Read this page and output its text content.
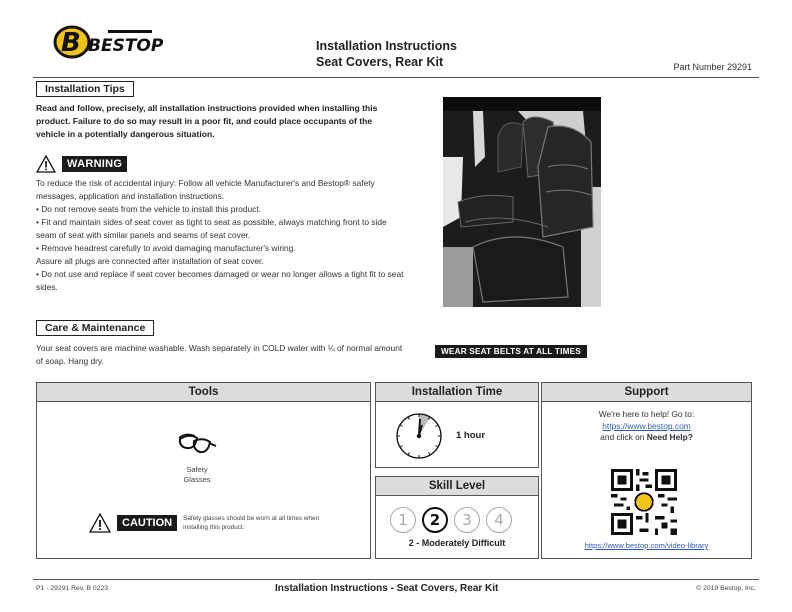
B BESTOP	Installation Instructions
Seat Covers, Rear Kit	Part Number 29291
Installation Tips
Read and follow, precisely, all installation instructions provided when installing this product. Failure to do so may result in a poor fit, and could place occupants of the vehicle in a potentially dangerous situation.
WARNING
To reduce the risk of accidental injury: Follow all vehicle Manufacturer's and Bestop® safety messages, application and installation instructions.
• Do not remove seats from the vehicle to install this product.
• Fit and maintain sides of seat cover as tight to seat as possible, always matching front to side seam of seat with similar panels and seams of seat cover.
• Remove headrest carefully to avoid damaging manufacturer's wiring.
Assure all plugs are connected after installation of seat cover.
• Do not use and replace if seat cover becomes damaged or wear no longer allows a tight fit to seat sides.
Care & Maintenance
Your seat covers are machine washable. Wash separately in COLD water with ¼ of normal amount of soap. Hang dry.
WEAR SEAT BELTS AT ALL TIMES
Tools
Safety
Glasses
CAUTION	Safety glasses should be worn at all times when installing this product.
Installation Time
1 hour
Skill Level
1	2	3	4
2 - Moderately Difficult
Support
We're here to help! Go to:
https://www.bestop.com
and click on Need Help?
https://www.bestop.com/video-library
P1 - 29291 Rev. B 0223	Installation Instructions - Seat Covers, Rear Kit	© 2019 Bestop, Inc.
